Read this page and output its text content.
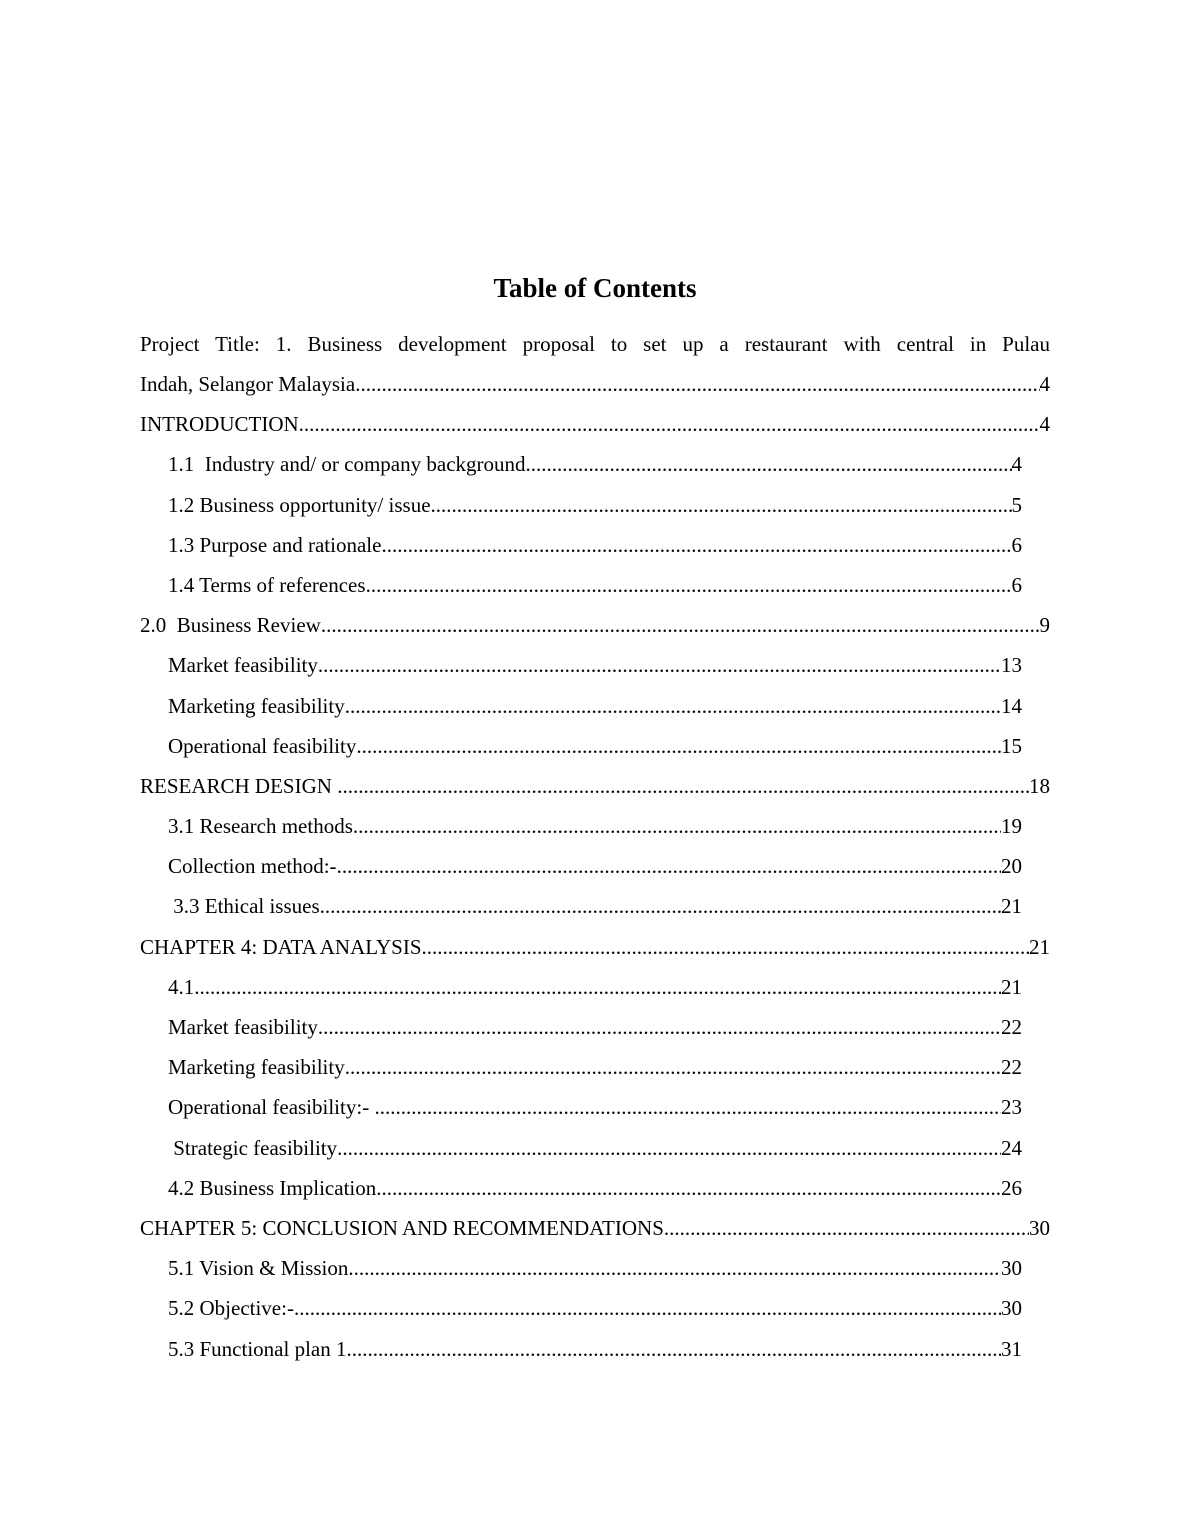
Table of Contents
Project Title: 1. Business development proposal to set up a restaurant with central in Pulau
Indah, Selangor Malaysia .....	4
INTRODUCTION .....	4
1.1  Industry and/ or company background .....	4
1.2 Business opportunity/ issue .....	5
1.3 Purpose and rationale .....	6
1.4 Terms of references .....	6
2.0  Business Review .....	9
Market feasibility .....	13
Marketing feasibility .....	14
Operational feasibility .....	15
RESEARCH DESIGN .....	18
3.1 Research methods .....	19
Collection method:- .....	20
3.3 Ethical issues .....	21
CHAPTER 4: DATA ANALYSIS .....	21
4.1 .....	21
Market feasibility .....	22
Marketing feasibility .....	22
Operational feasibility:- .....	23
Strategic feasibility .....	24
4.2 Business Implication .....	26
CHAPTER 5: CONCLUSION AND RECOMMENDATIONS .....	30
5.1 Vision & Mission .....	30
5.2 Objective:- .....	30
5.3 Functional plan 1 .....	31
